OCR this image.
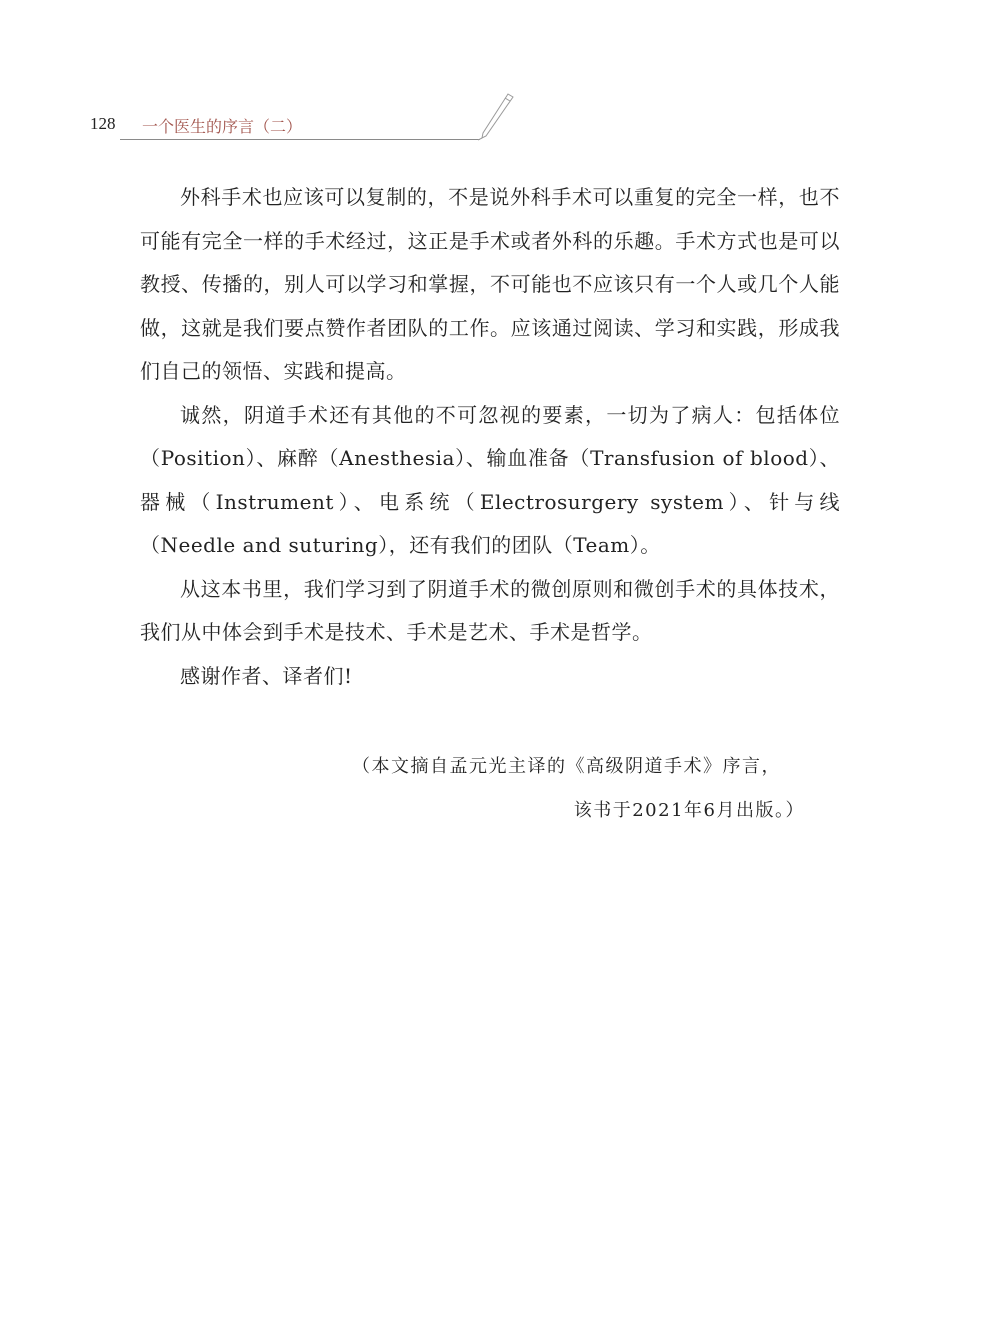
128 一个医生的序言（二）

外科手术也应该可以复制的，不是说外科手术可以重复的完全一样，也不可能有完全一样的手术经过，这正是手术或者外科的乐趣。手术方式也是可以教授、传播的，别人可以学习和掌握，不可能也不应该只有一个人或几个人能做，这就是我们要点赞作者团队的工作。应该通过阅读、学习和实践，形成我们自己的领悟、实践和提高。

诚然，阴道手术还有其他的不可忽视的要素，一切为了病人：包括体位（Position）、麻醉（Anesthesia）、输血准备（Transfusion of blood）、器械（Instrument）、电系统（Electrosurgery system）、针与线（Needle and suturing），还有我们的团队（Team）。

从这本书里，我们学习到了阴道手术的微创原则和微创手术的具体技术，我们从中体会到手术是技术、手术是艺术、手术是哲学。

感谢作者、译者们!

（本文摘自孟元光主译的《高级阴道手术》序言，
该书于2021年6月出版。）
